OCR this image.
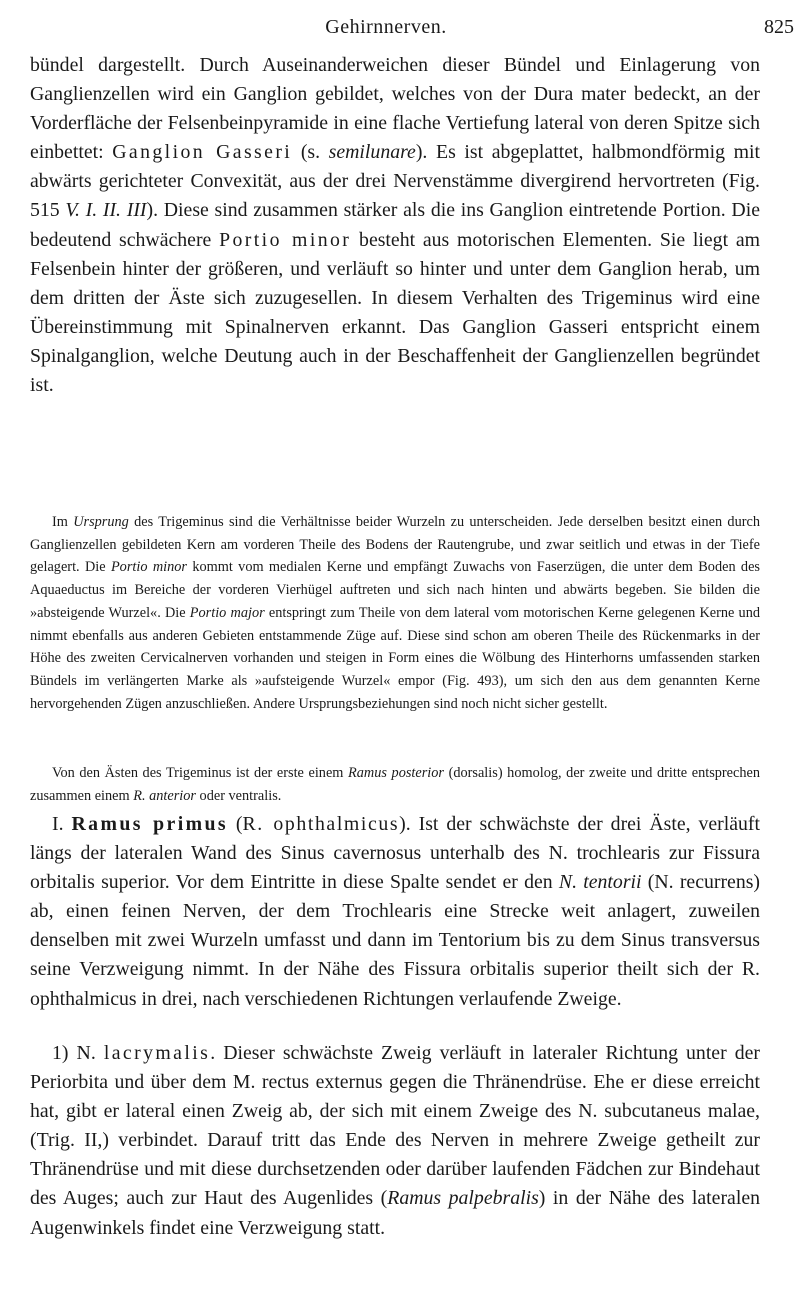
Gehirnnerven.	825

bündel dargestellt. Durch Auseinanderweichen dieser Bündel und Einlagerung von Ganglienzellen wird ein Ganglion gebildet, welches von der Dura mater bedeckt, an der Vorderfläche der Felsenbeinpyramide in eine flache Vertiefung lateral von deren Spitze sich einbettet: Ganglion Gasseri (s. semilunare). Es ist abgeplattet, halbmondförmig mit abwärts gerichteter Convexität, aus der drei Nervenstämme divergirend hervortreten (Fig. 515 V. I. II. III). Diese sind zusammen stärker als die ins Ganglion eintretende Portion. Die bedeutend schwächere Portio minor besteht aus motorischen Elementen. Sie liegt am Felsenbein hinter der größeren, und verläuft so hinter und unter dem Ganglion herab, um dem dritten der Äste sich zuzugesellen. In diesem Verhalten des Trigeminus wird eine Übereinstimmung mit Spinalnerven erkannt. Das Ganglion Gasseri entspricht einem Spinalganglion, welche Deutung auch in der Beschaffenheit der Ganglienzellen begründet ist.

Im Ursprung des Trigeminus sind die Verhältnisse beider Wurzeln zu unterscheiden. Jede derselben besitzt einen durch Ganglienzellen gebildeten Kern am vorderen Theile des Bodens der Rautengrube, und zwar seitlich und etwas in der Tiefe gelagert. Die Portio minor kommt vom medialen Kerne und empfängt Zuwachs von Faserzügen, die unter dem Boden des Aquaeductus im Bereiche der vorderen Vierhügel auftreten und sich nach hinten und abwärts begeben. Sie bilden die »absteigende Wurzel«. Die Portio major entspringt zum Theile von dem lateral vom motorischen Kerne gelegenen Kerne und nimmt ebenfalls aus anderen Gebieten entstammende Züge auf. Diese sind schon am oberen Theile des Rückenmarks in der Höhe des zweiten Cervicalnerven vorhanden und steigen in Form eines die Wölbung des Hinterhorns umfassenden starken Bündels im verlängerten Marke als »aufsteigende Wurzel« empor (Fig. 493), um sich den aus dem genannten Kerne hervorgehenden Zügen anzuschließen. Andere Ursprungsbeziehungen sind noch nicht sicher gestellt.

Von den Ästen des Trigeminus ist der erste einem Ramus posterior (dorsalis) homolog, der zweite und dritte entsprechen zusammen einem R. anterior oder ventralis.

I. Ramus primus (R. ophthalmicus). Ist der schwächste der drei Äste, verläuft längs der lateralen Wand des Sinus cavernosus unterhalb des N. trochlearis zur Fissura orbitalis superior. Vor dem Eintritte in diese Spalte sendet er den N. tentorii (N. recurrens) ab, einen feinen Nerven, der dem Trochlearis eine Strecke weit anlagert, zuweilen denselben mit zwei Wurzeln umfasst und dann im Tentorium bis zu dem Sinus transversus seine Verzweigung nimmt. In der Nähe des Fissura orbitalis superior theilt sich der R. ophthalmicus in drei, nach verschiedenen Richtungen verlaufende Zweige.

1) N. lacrymalis. Dieser schwächste Zweig verläuft in lateraler Richtung unter der Periorbita und über dem M. rectus externus gegen die Thränendrüse. Ehe er diese erreicht hat, gibt er lateral einen Zweig ab, der sich mit einem Zweige des N. subcutaneus malae, (Trig. II,) verbindet. Darauf tritt das Ende des Nerven in mehrere Zweige getheilt zur Thränendrüse und mit diese durchsetzenden oder darüber laufenden Fädchen zur Bindehaut des Auges; auch zur Haut des Augenlides (Ramus palpebralis) in der Nähe des lateralen Augenwinkels findet eine Verzweigung statt.
